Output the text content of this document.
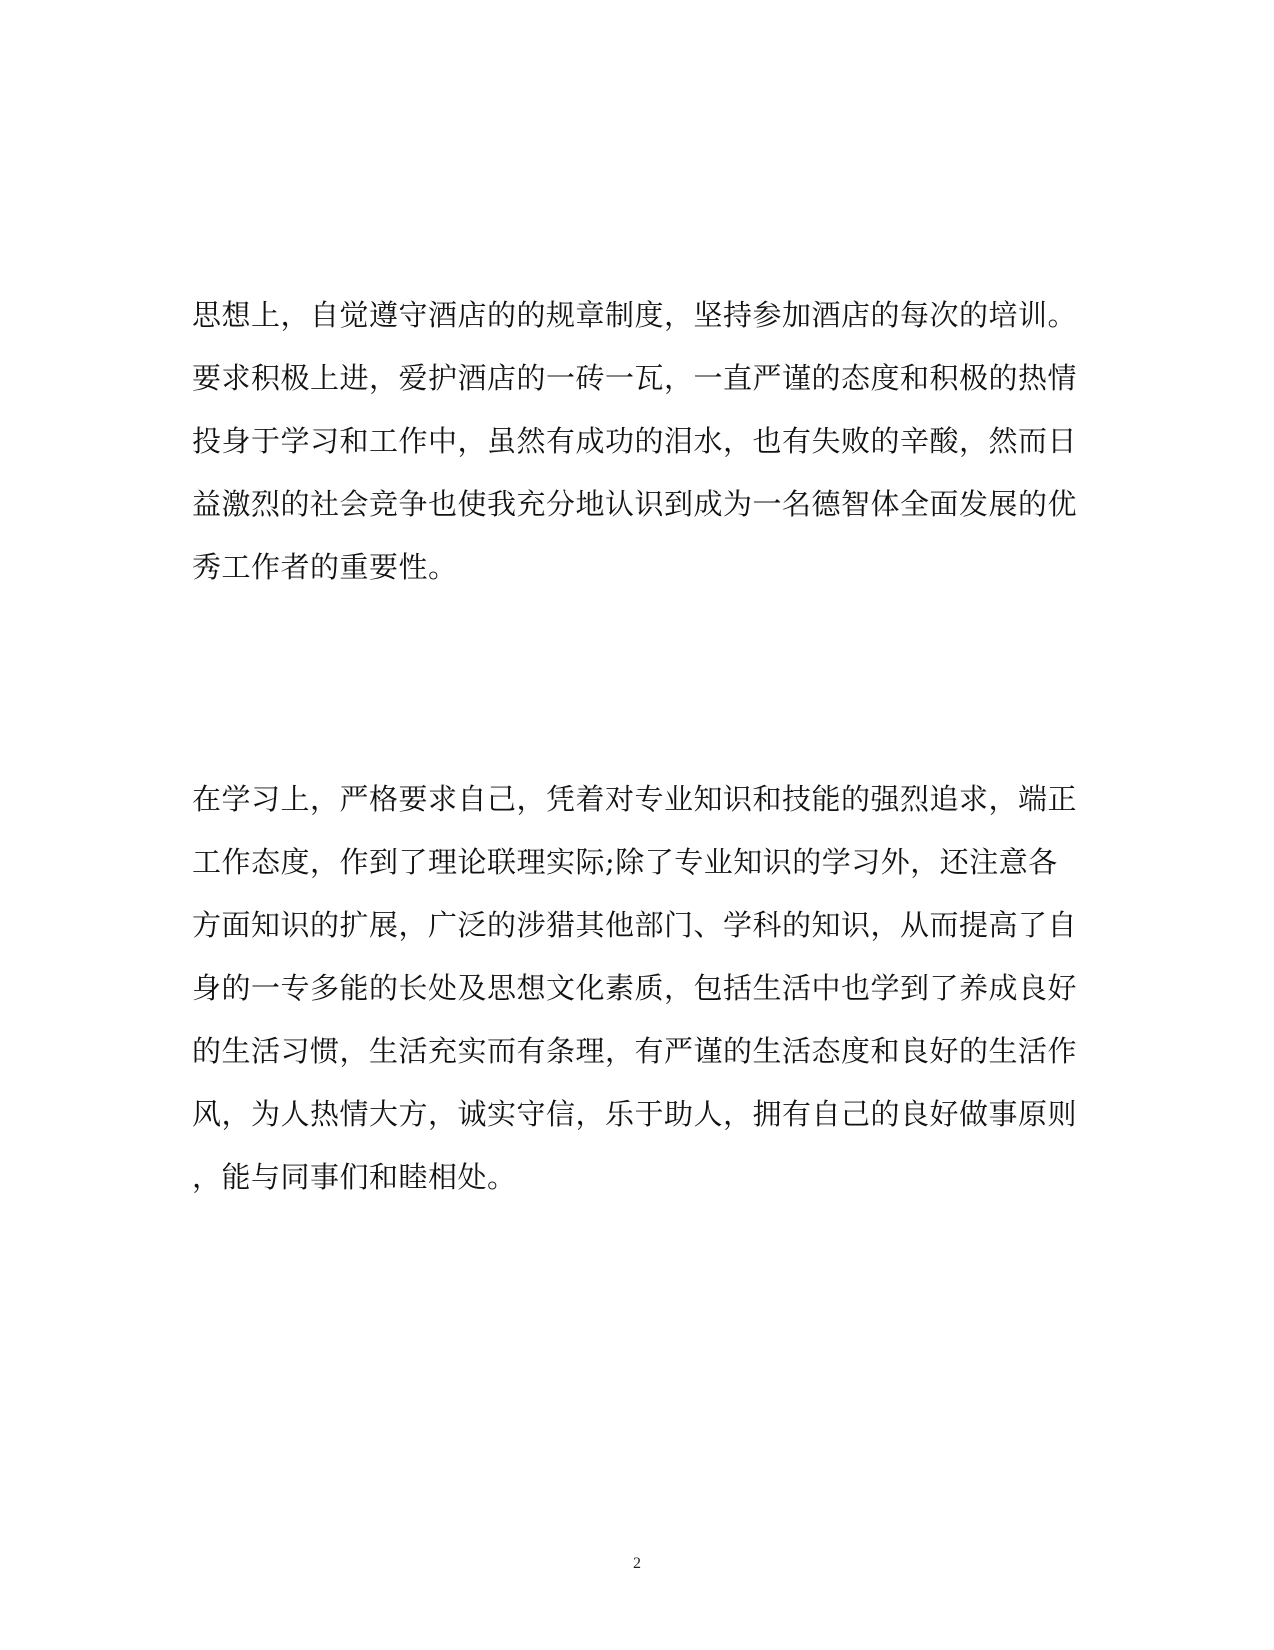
思想上，自觉遵守酒店的的规章制度，坚持参加酒店的每次的培训。
要求积极上进，爱护酒店的一砖一瓦，一直严谨的态度和积极的热情
投身于学习和工作中，虽然有成功的泪水，也有失败的辛酸，然而日
益激烈的社会竞争也使我充分地认识到成为一名德智体全面发展的优
秀工作者的重要性。
在学习上，严格要求自己，凭着对专业知识和技能的强烈追求，端正
工作态度，作到了理论联理实际;除了专业知识的学习外，还注意各
方面知识的扩展，广泛的涉猎其他部门、学科的知识，从而提高了自
身的一专多能的长处及思想文化素质，包括生活中也学到了养成良好
的生活习惯，生活充实而有条理，有严谨的生活态度和良好的生活作
风，为人热情大方，诚实守信，乐于助人，拥有自己的良好做事原则
，能与同事们和睦相处。
2
